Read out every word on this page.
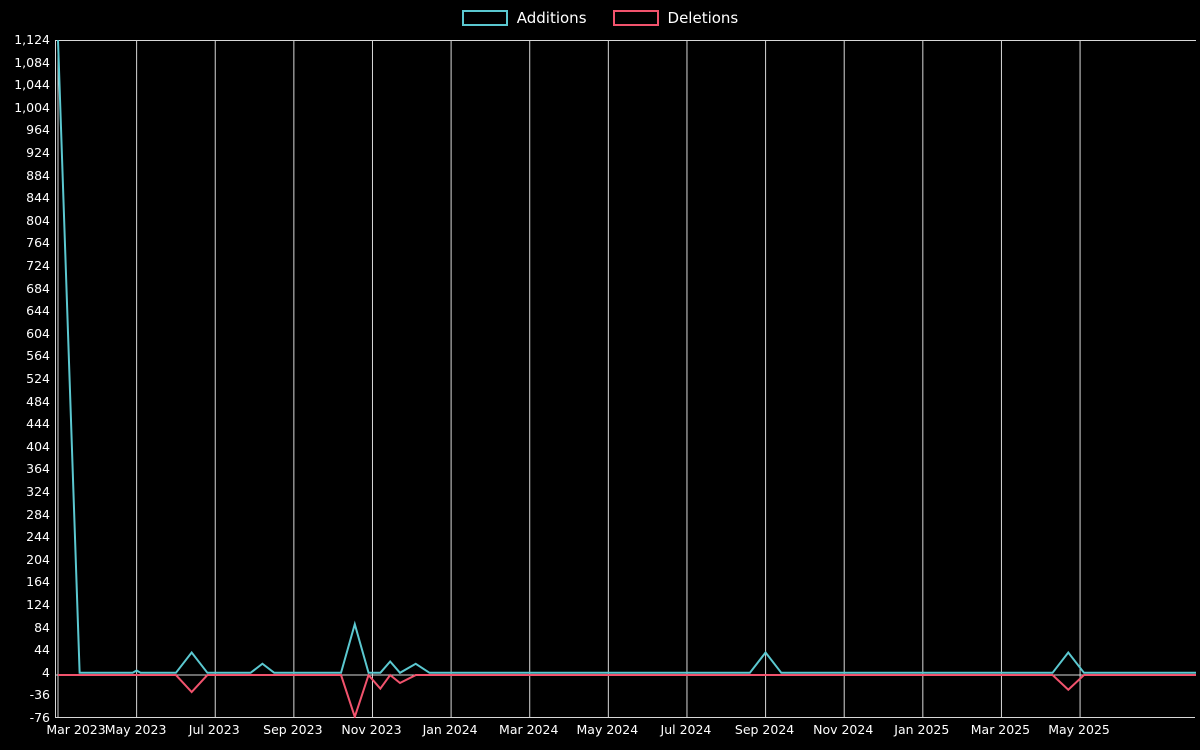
Additions	Deletions
-76
-36
4
44
84
124
164
204
244
284
324
364
404
444
484
524
564
604
644
684
724
764
804
844
884
924
964
1,004
1,044
1,084
1,124
Mar 2023 May 2023 Jul 2023 Sep 2023 Nov 2023 Jan 2024 Mar 2024 May 2024 Jul 2024 Sep 2024 Nov 2024 Jan 2025 Mar 2025 May 2025
